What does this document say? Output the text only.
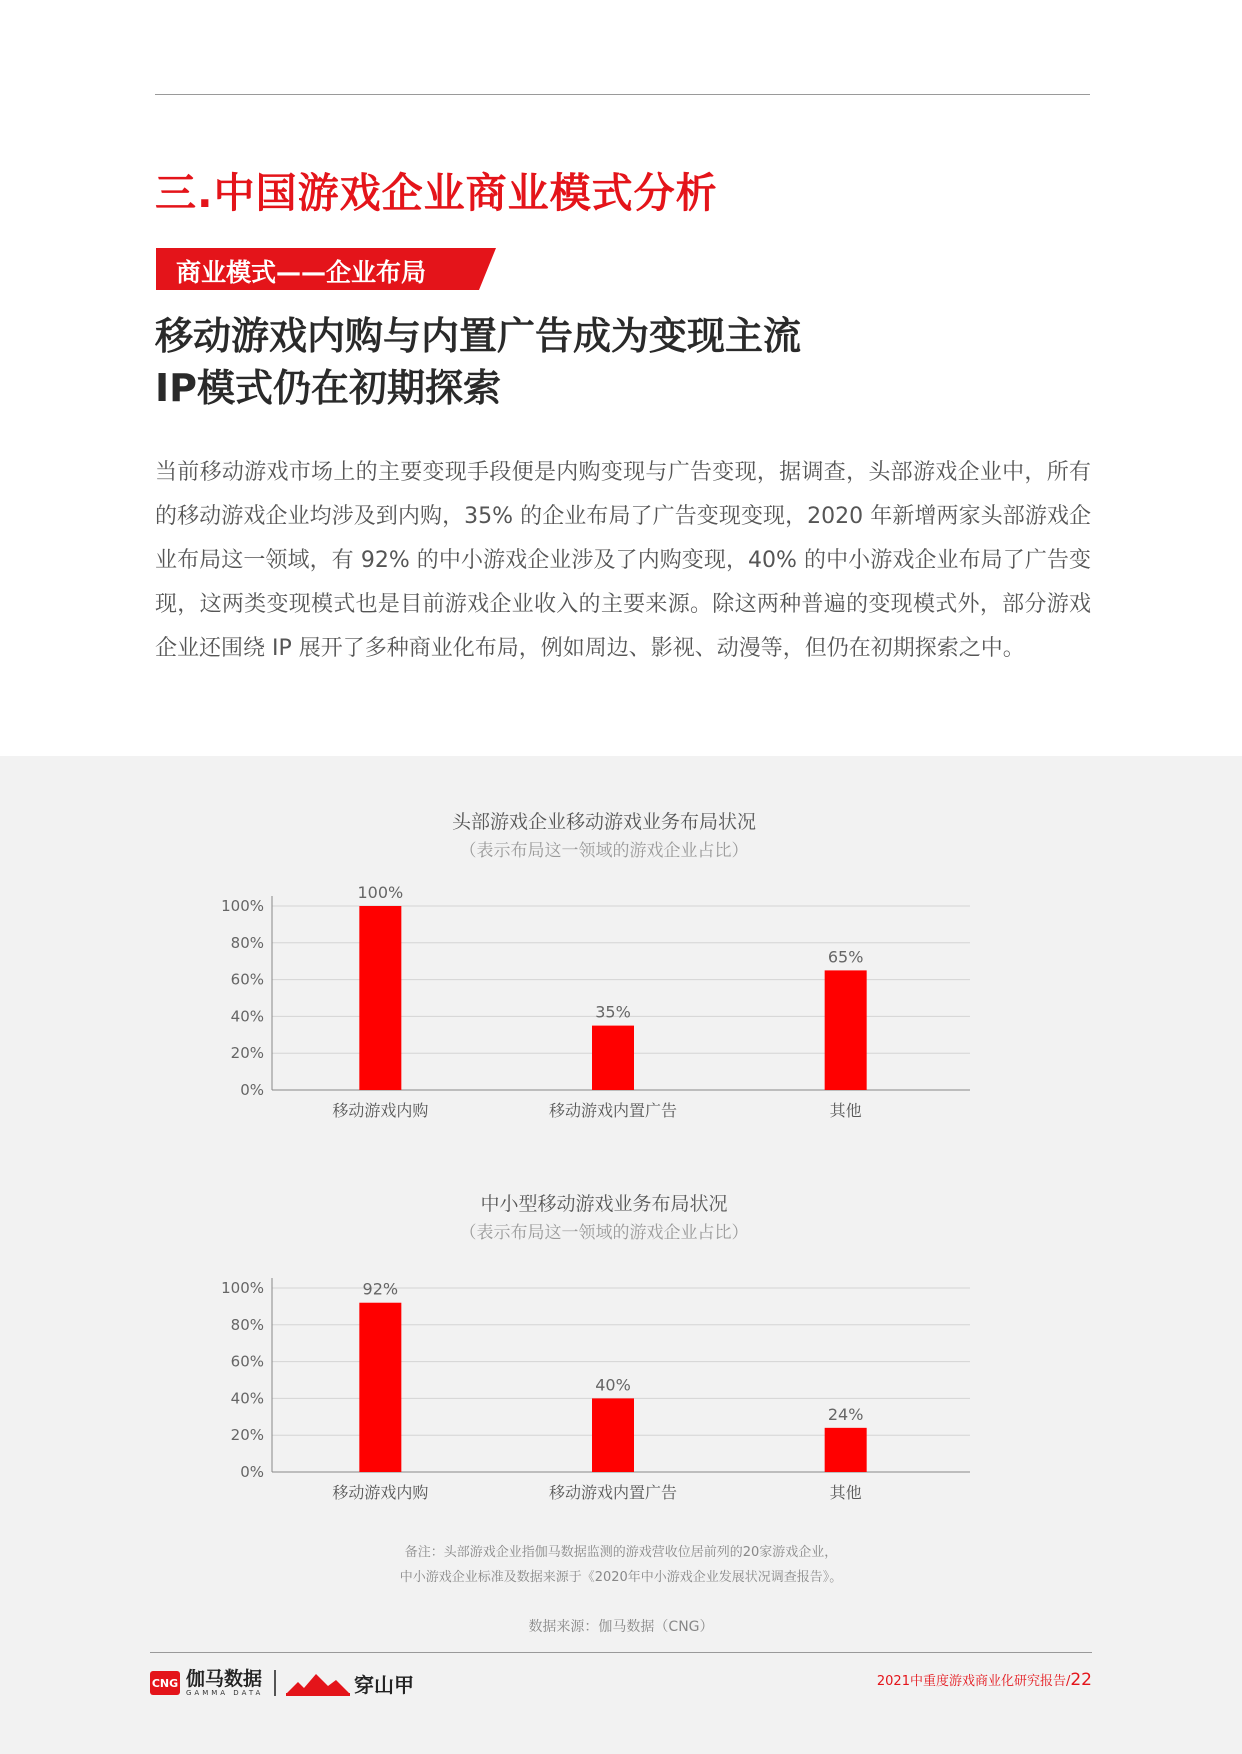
三.中国游戏企业商业模式分析
商业模式——企业布局
移动游戏内购与内置广告成为变现主流
IP模式仍在初期探索
当前移动游戏市场上的主要变现手段便是内购变现与广告变现，据调查，头部游戏企业中，所有的移动游戏企业均涉及到内购，35% 的企业布局了广告变现变现，2020 年新增两家头部游戏企业布局这一领域，有 92% 的中小游戏企业涉及了内购变现，40% 的中小游戏企业布局了广告变现，这两类变现模式也是目前游戏企业收入的主要来源。除这两种普遍的变现模式外，部分游戏企业还围绕 IP 展开了多种商业化布局，例如周边、影视、动漫等，但仍在初期探索之中。
头部游戏企业移动游戏业务布局状况
（表示布局这一领域的游戏企业占比）
0%
20%
40%
60%
80%
100%
100%
移动游戏内购
35%
移动游戏内置广告
65%
其他
中小型移动游戏业务布局状况
（表示布局这一领域的游戏企业占比）
0%
20%
40%
60%
80%
100%	92%
移动游戏内购
40%
移动游戏内置广告
24%
其他
备注：头部游戏企业指伽马数据监测的游戏营收位居前列的20家游戏企业，
中小游戏企业标准及数据来源于《2020年中小游戏企业发展状况调查报告》。
数据来源：伽马数据（CNG）
CNG 伽马数据
GAMMA DATA	穿山甲	2021中重度游戏商业化研究报告/22
